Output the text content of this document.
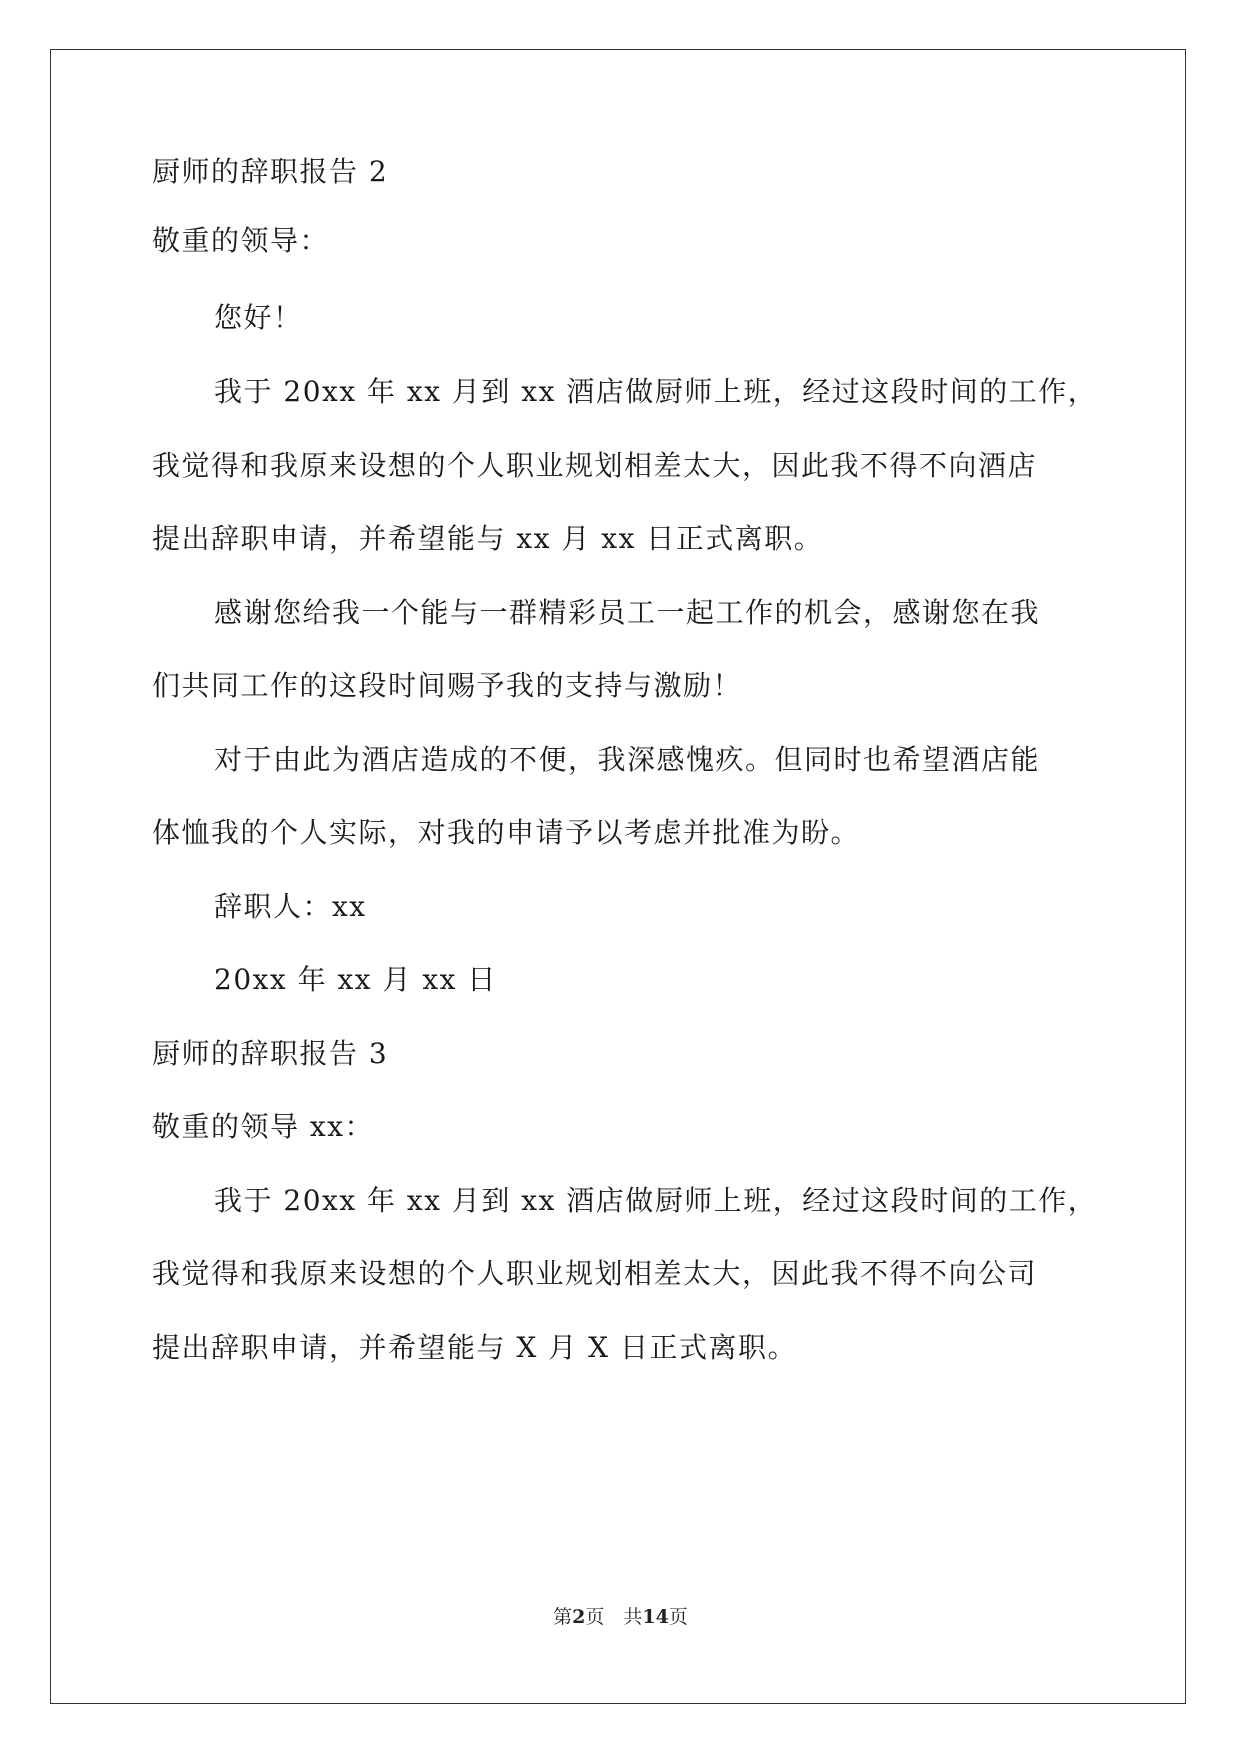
厨师的辞职报告 2
敬重的领导：
您好！
我于 20xx 年 xx 月到 xx 酒店做厨师上班，经过这段时间的工作，
我觉得和我原来设想的个人职业规划相差太大，因此我不得不向酒店
提出辞职申请，并希望能与 xx 月 xx 日正式离职。
感谢您给我一个能与一群精彩员工一起工作的机会，感谢您在我
们共同工作的这段时间赐予我的支持与激励！
对于由此为酒店造成的不便，我深感愧疚。但同时也希望酒店能
体恤我的个人实际，对我的申请予以考虑并批准为盼。
辞职人：xx
20xx 年 xx 月 xx 日
厨师的辞职报告 3
敬重的领导 xx：
我于 20xx 年 xx 月到 xx 酒店做厨师上班，经过这段时间的工作，
我觉得和我原来设想的个人职业规划相差太大，因此我不得不向公司
提出辞职申请，并希望能与 X 月 X 日正式离职。
第2页　共14页
